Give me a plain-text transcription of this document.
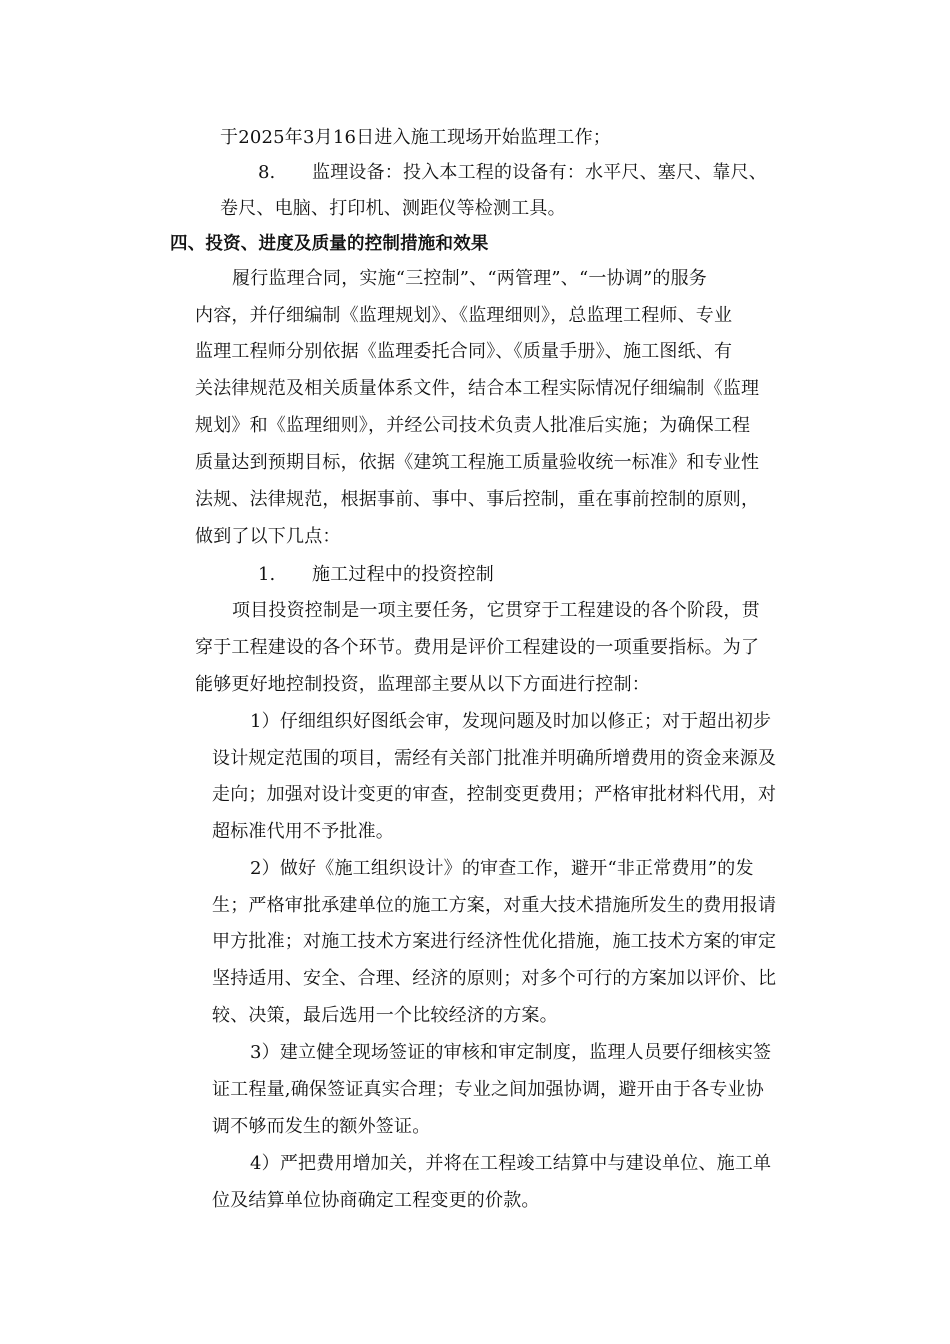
于2025年3月16日进入施工现场开始监理工作；
8. 监理设备：投入本工程的设备有：水平尺、塞尺、靠尺、
卷尺、电脑、打印机、测距仪等检测工具。
四、投资、进度及质量的控制措施和效果
履行监理合同，实施“三控制”、“两管理”、“一协调”的服务
内容，并仔细编制《监理规划》、《监理细则》，总监理工程师、专业
监理工程师分别依据《监理委托合同》、《质量手册》、施工图纸、有
关法律规范及相关质量体系文件，结合本工程实际情况仔细编制《监理
规划》和《监理细则》，并经公司技术负责人批准后实施；为确保工程
质量达到预期目标，依据《建筑工程施工质量验收统一标准》和专业性
法规、法律规范，根据事前、事中、事后控制，重在事前控制的原则，
做到了以下几点：
1. 施工过程中的投资控制
项目投资控制是一项主要任务，它贯穿于工程建设的各个阶段，贯
穿于工程建设的各个环节。费用是评价工程建设的一项重要指标。为了
能够更好地控制投资，监理部主要从以下方面进行控制：
1）仔细组织好图纸会审，发现问题及时加以修正；对于超出初步
设计规定范围的项目，需经有关部门批准并明确所增费用的资金来源及
走向；加强对设计变更的审查，控制变更费用；严格审批材料代用，对
超标准代用不予批准。
2）做好《施工组织设计》的审查工作，避开“非正常费用”的发
生；严格审批承建单位的施工方案，对重大技术措施所发生的费用报请
甲方批准；对施工技术方案进行经济性优化措施，施工技术方案的审定
坚持适用、安全、合理、经济的原则；对多个可行的方案加以评价、比
较、决策，最后选用一个比较经济的方案。
3）建立健全现场签证的审核和审定制度，监理人员要仔细核实签
证工程量,确保签证真实合理；专业之间加强协调，避开由于各专业协
调不够而发生的额外签证。
4）严把费用增加关，并将在工程竣工结算中与建设单位、施工单
位及结算单位协商确定工程变更的价款。
